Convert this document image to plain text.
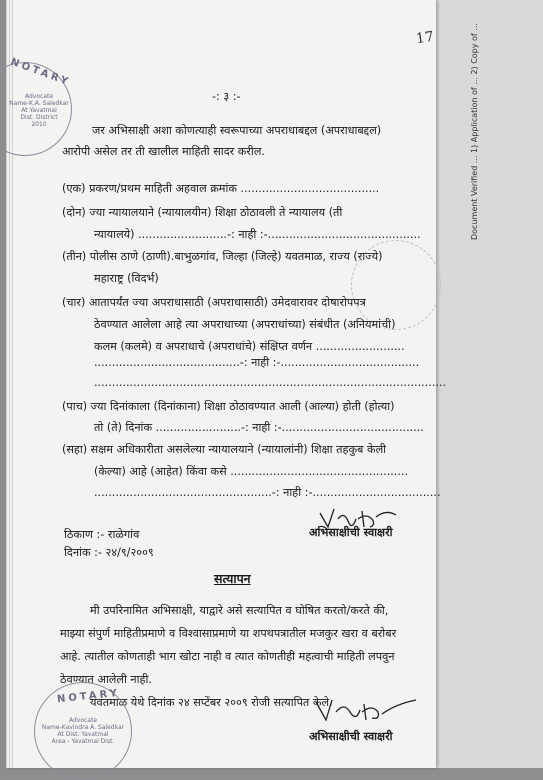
Document Verified ... 1) Application of ... 2) Copy of ...
17
NOTARY
Advocate
Name-K.A. Saledkar
At Yavatmal
Dist. District
2010
-: ३ :-
जर अभिसाक्षी अशा कोणत्याही स्वरूपाच्या अपराधाबद्दल (अपराधाबद्दल)
आरोपी असेल तर ती खालील माहिती सादर करील.
(एक) प्रकरण/प्रथम माहिती अहवाल क्रमांक .......................................
(दोन) ज्या न्यायालयाने (न्यायालयीन) शिक्षा ठोठावली ते न्यायालय (ती
न्यायालये) .........................-: नाही :-...........................................
(तीन) पोलीस ठाणे (ठाणी).बाभुळगांव, जिल्हा (जिल्हे) यवतमाळ, राज्य (राज्ये)
महाराष्ट्र (विदर्भ)
(चार) आतापर्यंत ज्या अपराधासाठी (अपराधासाठी) उमेदवारावर दोषारोपपत्र
ठेवण्यात आलेला आहे त्या अपराधाच्या (अपराधांच्या) संबंधीत (अनियमांची)
कलम (कलमे) व अपराधाचे (अपराधांचे) संक्षिप्त वर्णन .........................
.........................................-: नाही :-.......................................
...................................................................................................
(पाच) ज्या दिनांकाला (दिनांकाना) शिक्षा ठोठावण्यात आली (आल्या) होती (होत्या)
तो (ते) दिनांक ........................-: नाही :-........................................
(सहा) सक्षम अधिकारीता असलेल्या न्यायालयाने (न्यायालांनी) शिक्षा तहकुब केली
(केल्या) आहे (आहेत) किंवा कसे ..................................................
..................................................-: नाही :-....................................
अभिसाक्षीची स्वाक्षरी
ठिकाण :- राळेगांव
दिनांक :- २४/९/२००९
सत्यापन
मी उपरिनामित अभिसाक्षी, याद्वारे असे सत्यापित व घोषित करतो/करते की,
माझ्या संपुर्ण माहितीप्रमाणे व विश्वासाप्रमाणे या शपथपत्रातील मजकुर खरा व बरोबर
आहे. त्यातील कोणताही भाग खोटा नाही व त्यात कोणतीही महत्वाची माहिती लपवुन
ठेवण्यात आलेली नाही.
यवतमाळ येथे दिनांक २४ सप्टेंबर २००९ रोजी सत्यापित केले.
NOTARY
Advocate
Name-Kavindra A. Saledkar
At Dist. Yavatmal
Area - Yavatmal Dist.	अभिसाक्षीची स्वाक्षरी
